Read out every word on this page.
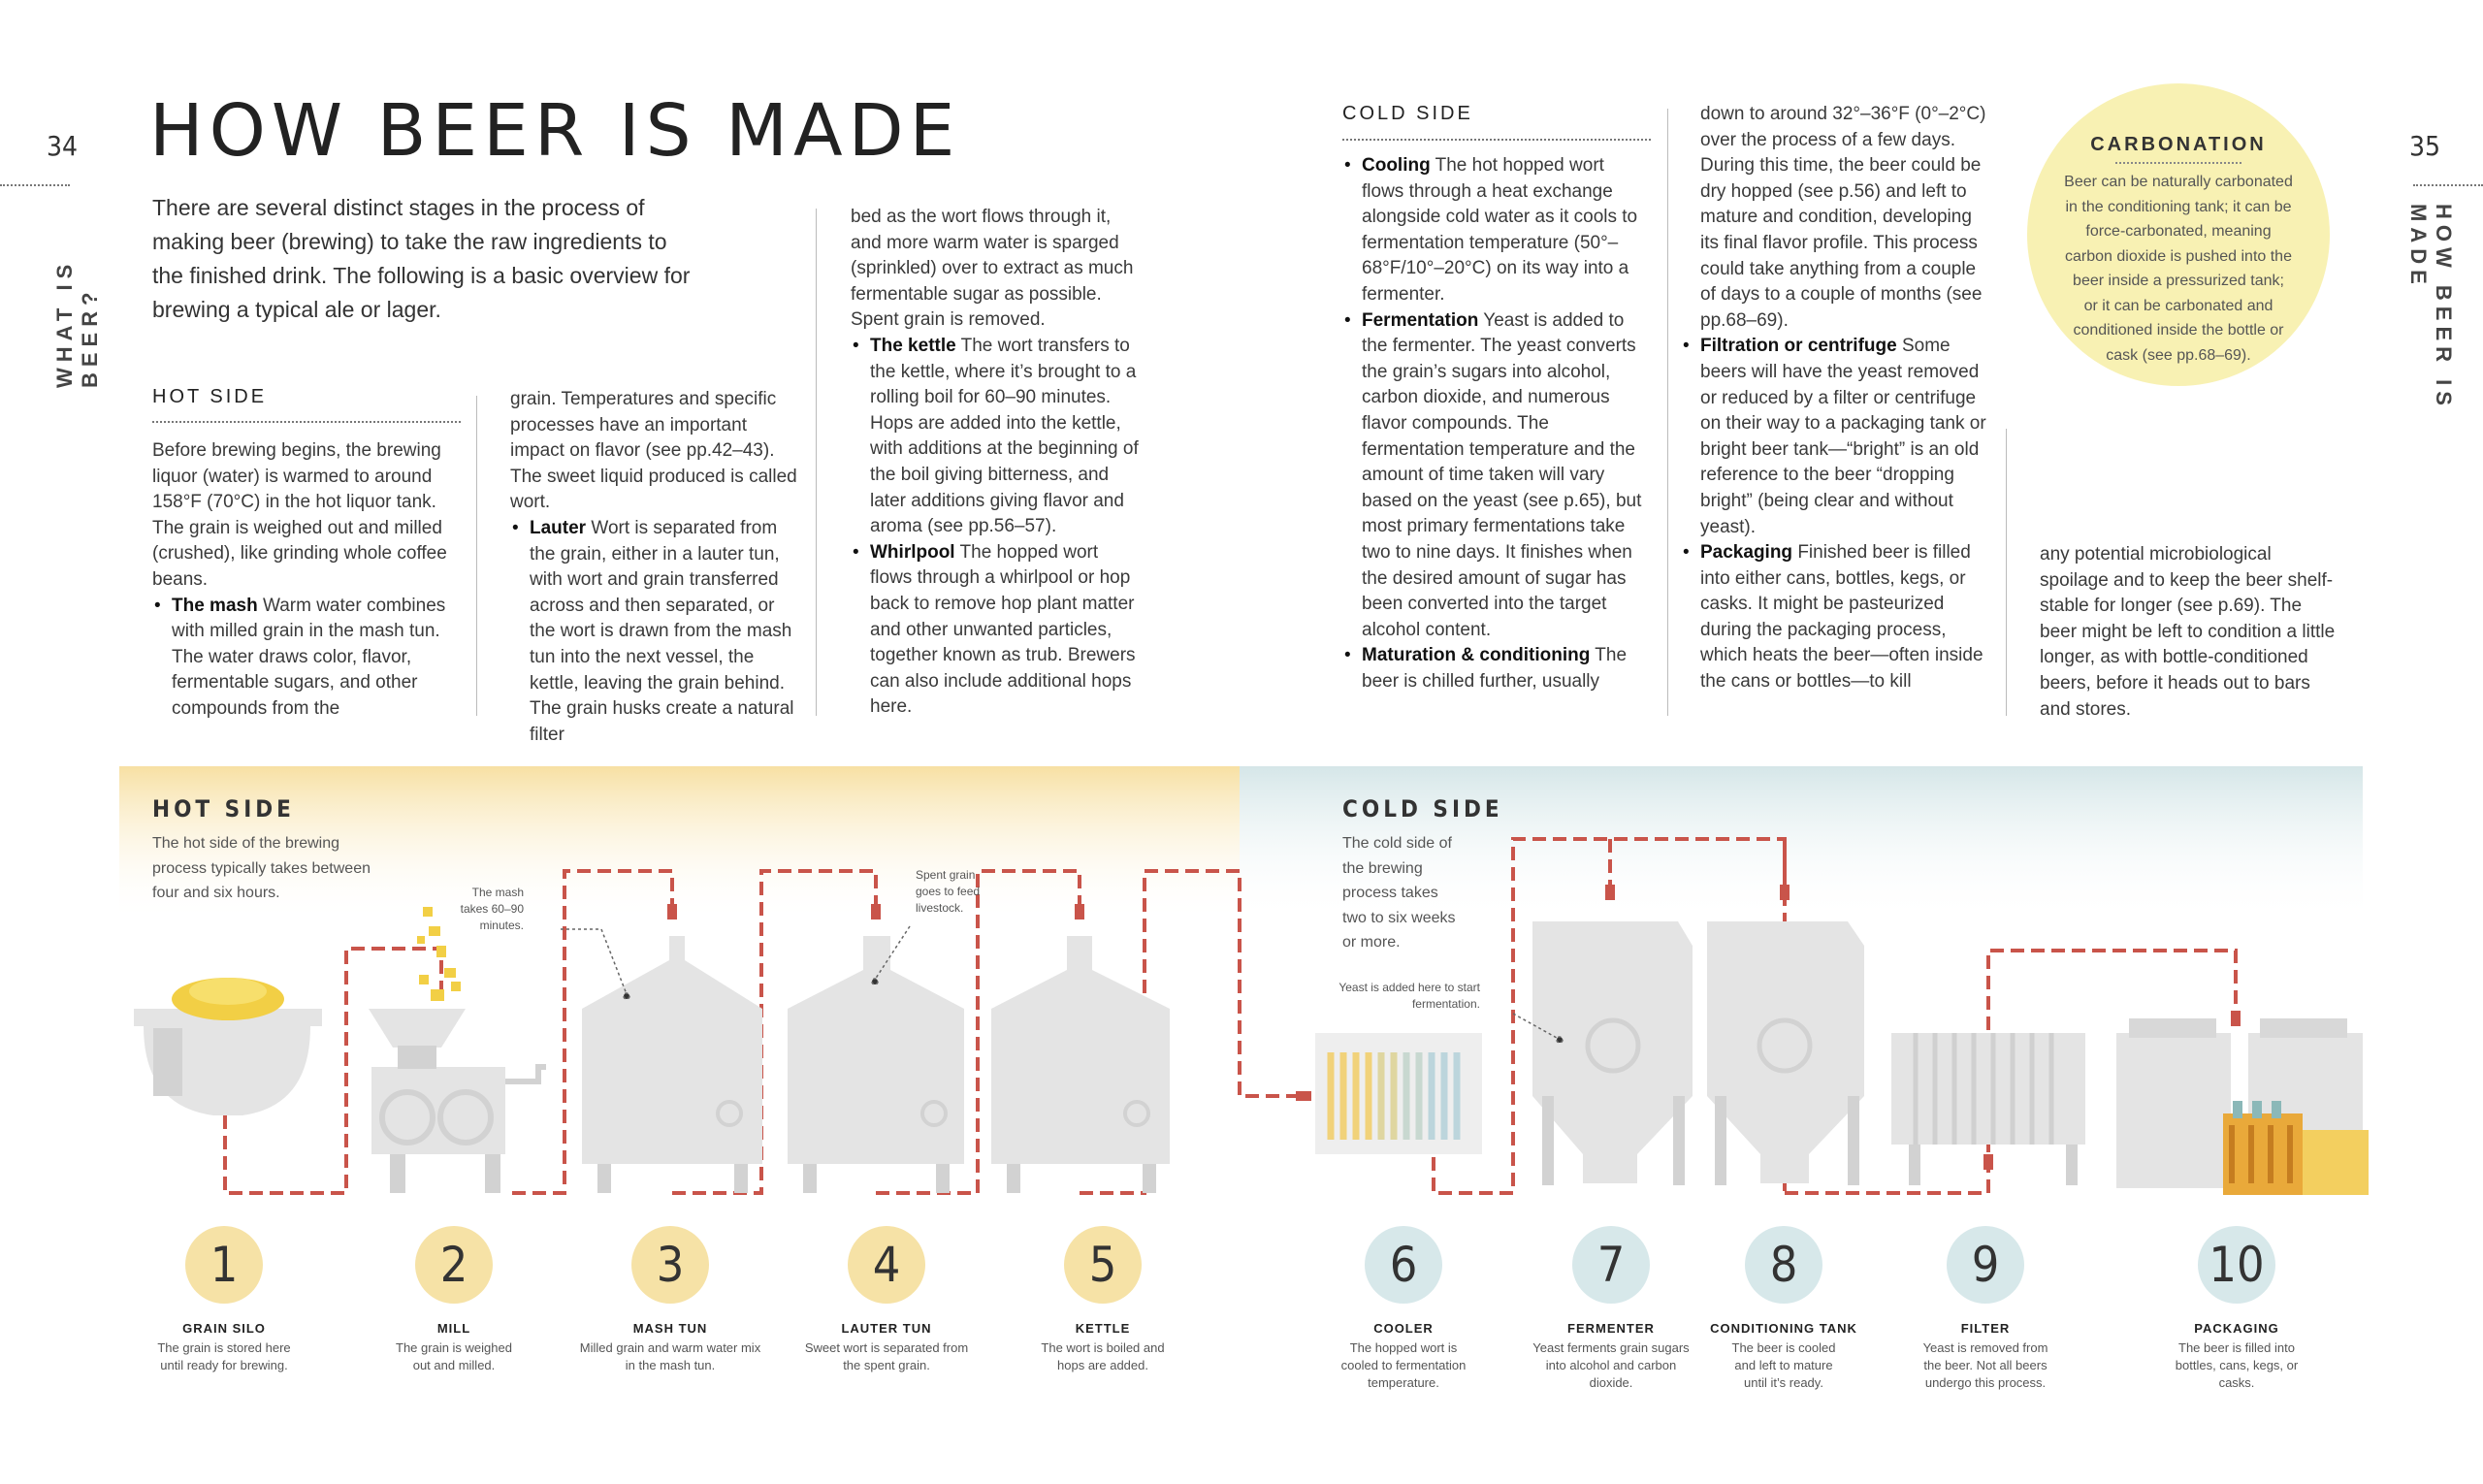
34
WHAT IS BEER?
35
HOW BEER IS MADE
HOW BEER IS MADE

There are several distinct stages in the process of making beer (brewing) to take the raw ingredients to the finished drink. The following is a basic overview for brewing a typical ale or lager.

HOT SIDE

Before brewing begins, the brewing liquor (water) is warmed to around 158°F (70°C) in the hot liquor tank. The grain is weighed out and milled (crushed), like grinding whole coffee beans.

• The mash Warm water combines with milled grain in the mash tun. The water draws color, flavor, fermentable sugars, and other compounds from the

grain. Temperatures and specific processes have an important impact on flavor (see pp.42–43). The sweet liquid produced is called wort.

• Lauter Wort is separated from the grain, either in a lauter tun, with wort and grain transferred across and then separated, or the wort is drawn from the mash tun into the next vessel, the kettle, leaving the grain behind. The grain husks create a natural filter

bed as the wort flows through it, and more warm water is sparged (sprinkled) over to extract as much fermentable sugar as possible. Spent grain is removed.

• The kettle The wort transfers to the kettle, where it’s brought to a rolling boil for 60–90 minutes. Hops are added into the kettle, with additions at the beginning of the boil giving bitterness, and later additions giving flavor and aroma (see pp.56–57).
• Whirlpool The hopped wort flows through a whirlpool or hop back to remove hop plant matter and other unwanted particles, together known as trub. Brewers can also include additional hops here.
COLD SIDE
• Cooling The hot hopped wort flows through a heat exchange alongside cold water as it cools to fermentation temperature (50°–68°F/10°–20°C) on its way into a fermenter.
• Fermentation Yeast is added to the fermenter. The yeast converts the grain’s sugars into alcohol, carbon dioxide, and numerous flavor compounds. The fermentation temperature and the amount of time taken will vary based on the yeast (see p.65), but most primary fermentations take two to nine days. It finishes when the desired amount of sugar has been converted into the target alcohol content.
• Maturation & conditioning The beer is chilled further, usually

down to around 32°–36°F (0°–2°C) over the process of a few days. During this time, the beer could be dry hopped (see p.56) and left to mature and condition, developing its final flavor profile. This process could take anything from a couple of days to a couple of months (see pp.68–69).

• Filtration or centrifuge Some beers will have the yeast removed or reduced by a filter or centrifuge on their way to a packaging tank or bright beer tank—“bright” is an old reference to the beer “dropping bright” (being clear and without yeast).
• Packaging Finished beer is filled into either cans, bottles, kegs, or casks. It might be pasteurized during the packaging process, which heats the beer—often inside the cans or bottles—to kill

any potential microbiological spoilage and to keep the beer shelf-stable for longer (see p.69). The beer might be left to condition a little longer, as with bottle-conditioned beers, before it heads out to bars and stores.

CARBONATION

Beer can be naturally carbonated in the conditioning tank; it can be force-carbonated, meaning carbon dioxide is pushed into the beer inside a pressurized tank; or it can be carbonated and conditioned inside the bottle or cask (see pp.68–69).

HOT SIDE

The hot side of the brewing process typically takes between four and six hours.

COLD SIDE

The cold side of the brewing process takes two to six weeks or more.

The mash takes 60–90 minutes.

Spent grain goes to feed livestock.

Yeast is added here to start fermentation.

1
GRAIN SILO
The grain is stored here until ready for brewing.
2
MILL
The grain is weighed out and milled.
3
MASH TUN
Milled grain and warm water mix in the mash tun.
4
LAUTER TUN
Sweet wort is separated from the spent grain.
5
KETTLE
The wort is boiled and hops are added.
6
COOLER
The hopped wort is cooled to fermentation temperature.
7
FERMENTER
Yeast ferments grain sugars into alcohol and carbon dioxide.
8
CONDITIONING TANK
The beer is cooled and left to mature until it’s ready.
9
FILTER
Yeast is removed from the beer. Not all beers undergo this process.
10
PACKAGING
The beer is filled into bottles, cans, kegs, or casks.
